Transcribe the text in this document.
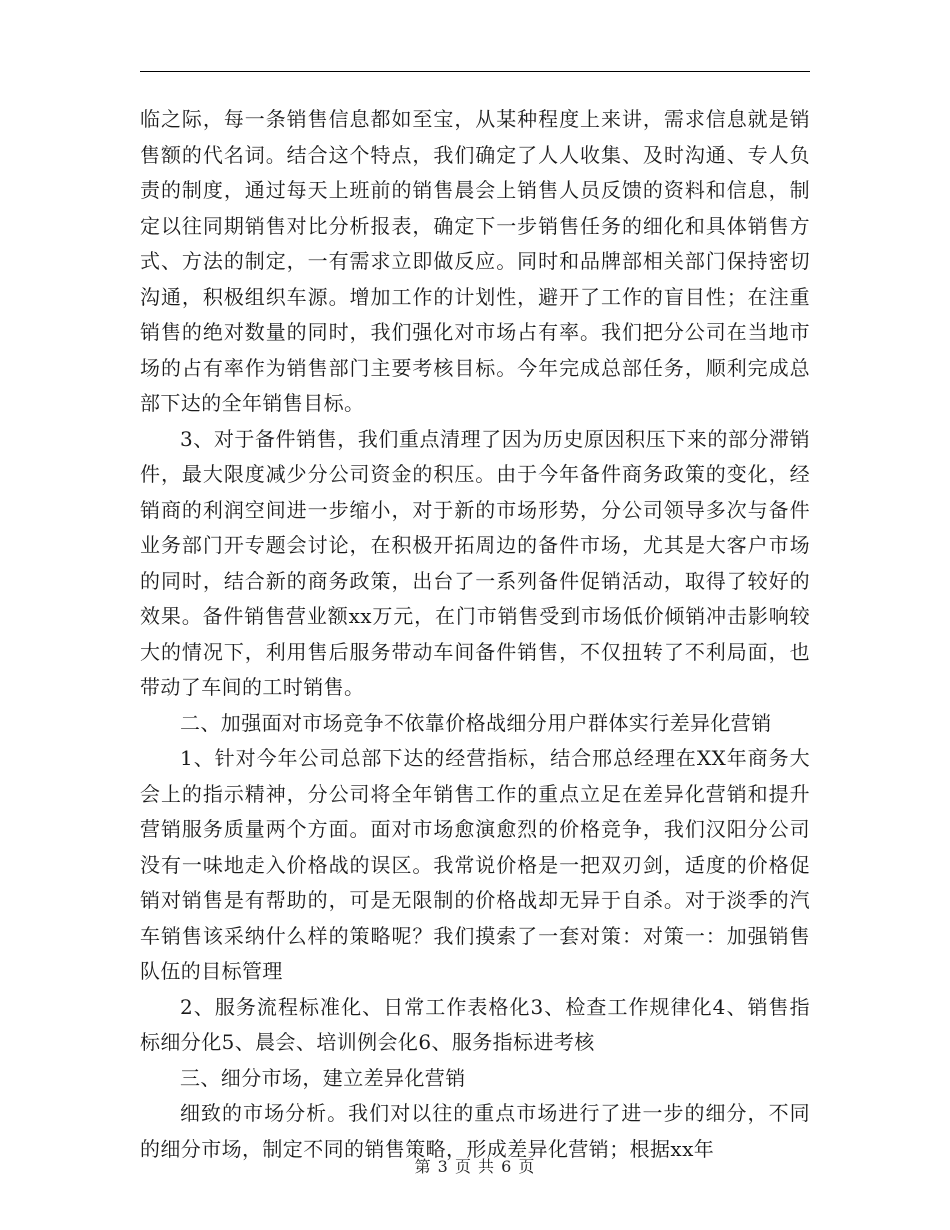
临之际，每一条销售信息都如至宝，从某种程度上来讲，需求信息就是销售额的代名词。结合这个特点，我们确定了人人收集、及时沟通、专人负责的制度，通过每天上班前的销售晨会上销售人员反馈的资料和信息，制定以往同期销售对比分析报表，确定下一步销售任务的细化和具体销售方式、方法的制定，一有需求立即做反应。同时和品牌部相关部门保持密切沟通，积极组织车源。增加工作的计划性，避开了工作的盲目性；在注重销售的绝对数量的同时，我们强化对市场占有率。我们把分公司在当地市场的占有率作为销售部门主要考核目标。今年完成总部任务，顺利完成总部下达的全年销售目标。

3、对于备件销售，我们重点清理了因为历史原因积压下来的部分滞销件，最大限度减少分公司资金的积压。由于今年备件商务政策的变化，经销商的利润空间进一步缩小，对于新的市场形势，分公司领导多次与备件业务部门开专题会讨论，在积极开拓周边的备件市场，尤其是大客户市场的同时，结合新的商务政策，出台了一系列备件促销活动，取得了较好的效果。备件销售营业额xx万元，在门市销售受到市场低价倾销冲击影响较大的情况下，利用售后服务带动车间备件销售，不仅扭转了不利局面，也带动了车间的工时销售。

二、加强面对市场竞争不依靠价格战细分用户群体实行差异化营销

1、针对今年公司总部下达的经营指标，结合邢总经理在XX年商务大会上的指示精神，分公司将全年销售工作的重点立足在差异化营销和提升营销服务质量两个方面。面对市场愈演愈烈的价格竞争，我们汉阳分公司没有一味地走入价格战的误区。我常说价格是一把双刃剑，适度的价格促销对销售是有帮助的，可是无限制的价格战却无异于自杀。对于淡季的汽车销售该采纳什么样的策略呢？我们摸索了一套对策：对策一：加强销售队伍的目标管理

2、服务流程标准化、日常工作表格化3、检查工作规律化4、销售指标细分化5、晨会、培训例会化6、服务指标进考核

三、细分市场，建立差异化营销

细致的市场分析。我们对以往的重点市场进行了进一步的细分，不同的细分市场，制定不同的销售策略，形成差异化营销；根据xx年

第 3 页 共 6 页
